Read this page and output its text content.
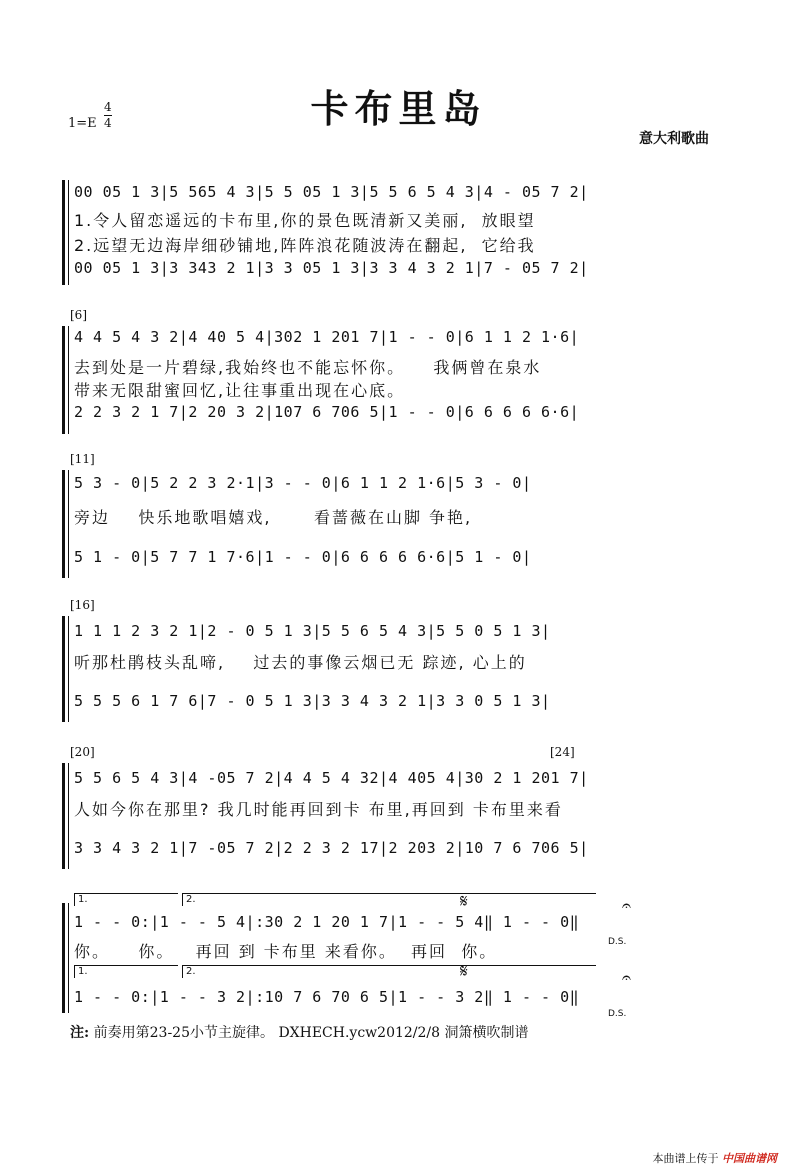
卡布里岛
1=E
4
4
意大利歌曲
00 05 1 3|5 565 4 3|5 5 05 1 3|5 5 6 5 4 3|4 - 05 7 2|
1.令人留恋遥远的卡布里,你的景色既清新又美丽,  放眼望
2.远望无边海岸细砂铺地,阵阵浪花随波涛在翻起,  它给我
00 05 1 3|3 343 2 1|3 3 05 1 3|3 3 4 3 2 1|7 - 05 7 2|
[6]
4 4 5 4 3 2|4 40 5 4|302 1 201 7|1 - - 0|6 1 1 2 1·6|
去到处是一片碧绿,我始终也不能忘怀你。    我俩曾在泉水
带来无限甜蜜回忆,让往事重出现在心底。
2 2 3 2 1 7|2 20 3 2|107 6 706 5|1 - - 0|6 6 6 6 6·6|
[11]
5 3 - 0|5 2 2 3 2·1|3 - - 0|6 1 1 2 1·6|5 3 - 0|
旁边    快乐地歌唱嬉戏,      看蔷薇在山脚 争艳,
5 1 - 0|5 7 7 1 7·6|1 - - 0|6 6 6 6 6·6|5 1 - 0|
[16]
1 1 1 2 3 2 1|2 - 0 5 1 3|5 5 6 5 4 3|5 5 0 5 1 3|
听那杜鹃枝头乱啼,    过去的事像云烟已无 踪迹, 心上的
5 5 5 6 1 7 6|7 - 0 5 1 3|3 3 4 3 2 1|3 3 0 5 1 3|
[20]	[24]
5 5 6 5 4 3|4 -05 7 2|4 4 5 4 32|4 405 4|30 2 1 201 7|
人如今你在那里? 我几时能再回到卡 布里,再回到 卡布里来看
3 3 4 3 2 1|7 -05 7 2|2 2 3 2 17|2 203 2|10 7 6 706 5|
1.	2.	𝄋	𝄐
1 - - 0:|1 - - 5 4|:30 2 1 20 1 7|1 - - 5 4‖ 1 - - 0‖
D.S.
你。    你。   再回 到 卡布里 来看你。  再回  你。
1.	2.	𝄋	𝄐
1 - - 0:|1 - - 3 2|:10 7 6 70 6 5|1 - - 3 2‖ 1 - - 0‖
D.S.
注: 前奏用第23-25小节主旋律。 DXHECH.ycw2012/2/8 洞箫横吹制谱
本曲谱上传于 中国曲谱网
